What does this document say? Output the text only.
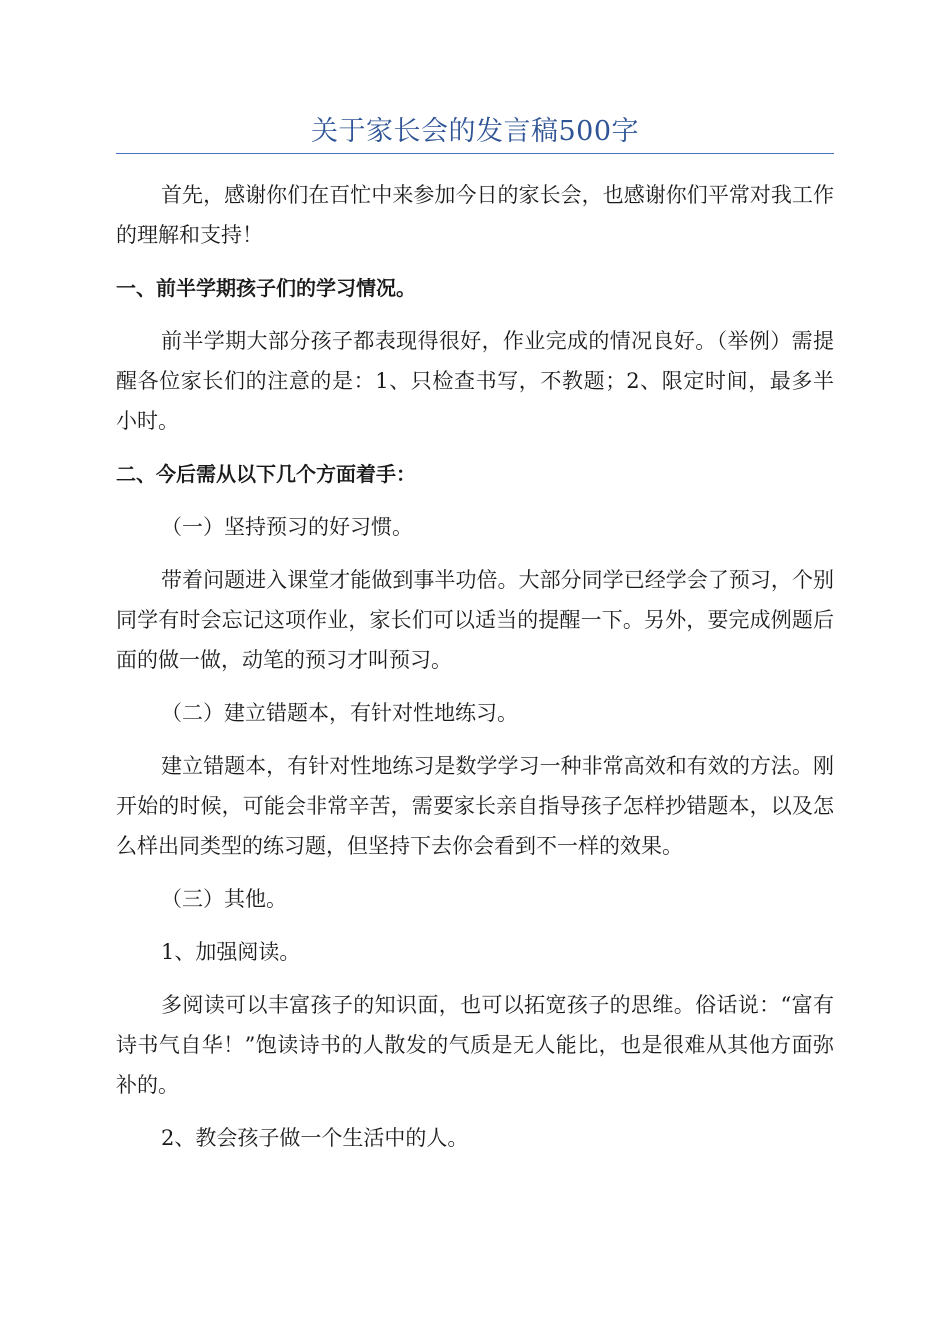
关于家长会的发言稿500字

首先，感谢你们在百忙中来参加今日的家长会，也感谢你们平常对我工作的理解和支持！

一、前半学期孩子们的学习情况。

前半学期大部分孩子都表现得很好，作业完成的情况良好。（举例）需提醒各位家长们的注意的是：1、只检查书写，不教题；2、限定时间，最多半小时。

二、今后需从以下几个方面着手：

（一）坚持预习的好习惯。

带着问题进入课堂才能做到事半功倍。大部分同学已经学会了预习，个别同学有时会忘记这项作业，家长们可以适当的提醒一下。另外，要完成例题后面的做一做，动笔的预习才叫预习。

（二）建立错题本，有针对性地练习。

建立错题本，有针对性地练习是数学学习一种非常高效和有效的方法。刚开始的时候，可能会非常辛苦，需要家长亲自指导孩子怎样抄错题本，以及怎么样出同类型的练习题，但坚持下去你会看到不一样的效果。

（三）其他。

1、加强阅读。

多阅读可以丰富孩子的知识面，也可以拓宽孩子的思维。俗话说：“富有诗书气自华！”饱读诗书的人散发的气质是无人能比，也是很难从其他方面弥补的。

2、教会孩子做一个生活中的人。
